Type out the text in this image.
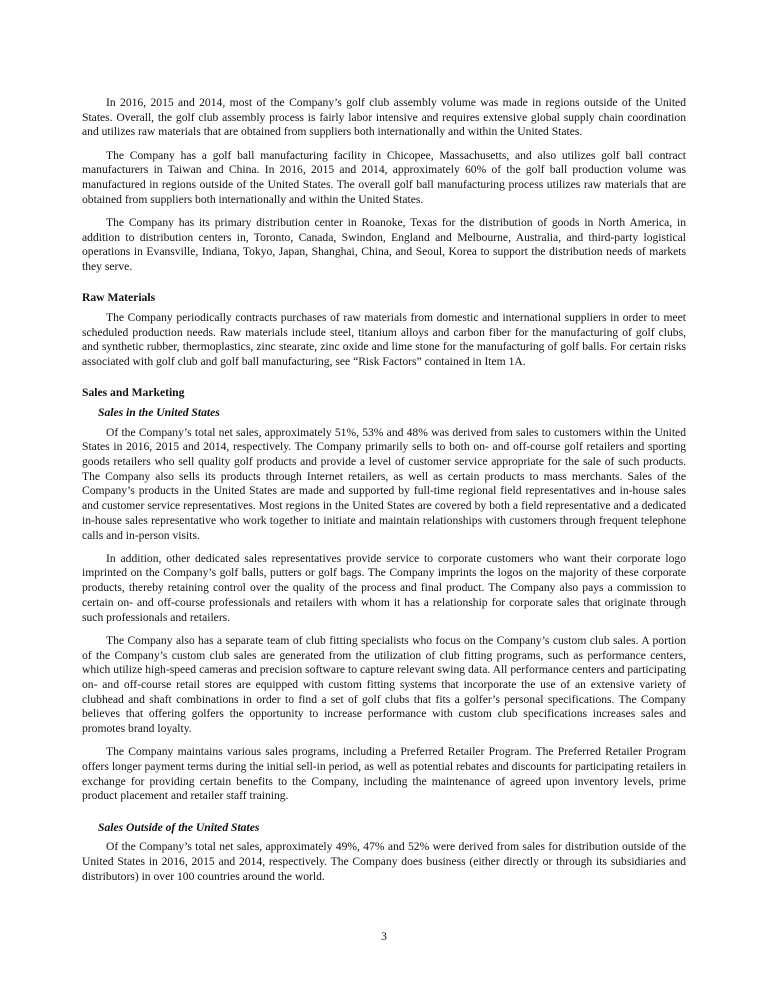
In 2016, 2015 and 2014, most of the Company’s golf club assembly volume was made in regions outside of the United States. Overall, the golf club assembly process is fairly labor intensive and requires extensive global supply chain coordination and utilizes raw materials that are obtained from suppliers both internationally and within the United States.

The Company has a golf ball manufacturing facility in Chicopee, Massachusetts, and also utilizes golf ball contract manufacturers in Taiwan and China. In 2016, 2015 and 2014, approximately 60% of the golf ball production volume was manufactured in regions outside of the United States. The overall golf ball manufacturing process utilizes raw materials that are obtained from suppliers both internationally and within the United States.

The Company has its primary distribution center in Roanoke, Texas for the distribution of goods in North America, in addition to distribution centers in, Toronto, Canada, Swindon, England and Melbourne, Australia, and third-party logistical operations in Evansville, Indiana, Tokyo, Japan, Shanghai, China, and Seoul, Korea to support the distribution needs of markets they serve.

Raw Materials

The Company periodically contracts purchases of raw materials from domestic and international suppliers in order to meet scheduled production needs. Raw materials include steel, titanium alloys and carbon fiber for the manufacturing of golf clubs, and synthetic rubber, thermoplastics, zinc stearate, zinc oxide and lime stone for the manufacturing of golf balls. For certain risks associated with golf club and golf ball manufacturing, see “Risk Factors” contained in Item 1A.

Sales and Marketing
Sales in the United States

Of the Company’s total net sales, approximately 51%, 53% and 48% was derived from sales to customers within the United States in 2016, 2015 and 2014, respectively. The Company primarily sells to both on- and off-course golf retailers and sporting goods retailers who sell quality golf products and provide a level of customer service appropriate for the sale of such products. The Company also sells its products through Internet retailers, as well as certain products to mass merchants. Sales of the Company’s products in the United States are made and supported by full-time regional field representatives and in-house sales and customer service representatives. Most regions in the United States are covered by both a field representative and a dedicated in-house sales representative who work together to initiate and maintain relationships with customers through frequent telephone calls and in-person visits.

In addition, other dedicated sales representatives provide service to corporate customers who want their corporate logo imprinted on the Company’s golf balls, putters or golf bags. The Company imprints the logos on the majority of these corporate products, thereby retaining control over the quality of the process and final product. The Company also pays a commission to certain on- and off-course professionals and retailers with whom it has a relationship for corporate sales that originate through such professionals and retailers.

The Company also has a separate team of club fitting specialists who focus on the Company’s custom club sales. A portion of the Company’s custom club sales are generated from the utilization of club fitting programs, such as performance centers, which utilize high-speed cameras and precision software to capture relevant swing data. All performance centers and participating on- and off-course retail stores are equipped with custom fitting systems that incorporate the use of an extensive variety of clubhead and shaft combinations in order to find a set of golf clubs that fits a golfer’s personal specifications. The Company believes that offering golfers the opportunity to increase performance with custom club specifications increases sales and promotes brand loyalty.

The Company maintains various sales programs, including a Preferred Retailer Program. The Preferred Retailer Program offers longer payment terms during the initial sell-in period, as well as potential rebates and discounts for participating retailers in exchange for providing certain benefits to the Company, including the maintenance of agreed upon inventory levels, prime product placement and retailer staff training.

Sales Outside of the United States

Of the Company’s total net sales, approximately 49%, 47% and 52% were derived from sales for distribution outside of the United States in 2016, 2015 and 2014, respectively. The Company does business (either directly or through its subsidiaries and distributors) in over 100 countries around the world.

3
